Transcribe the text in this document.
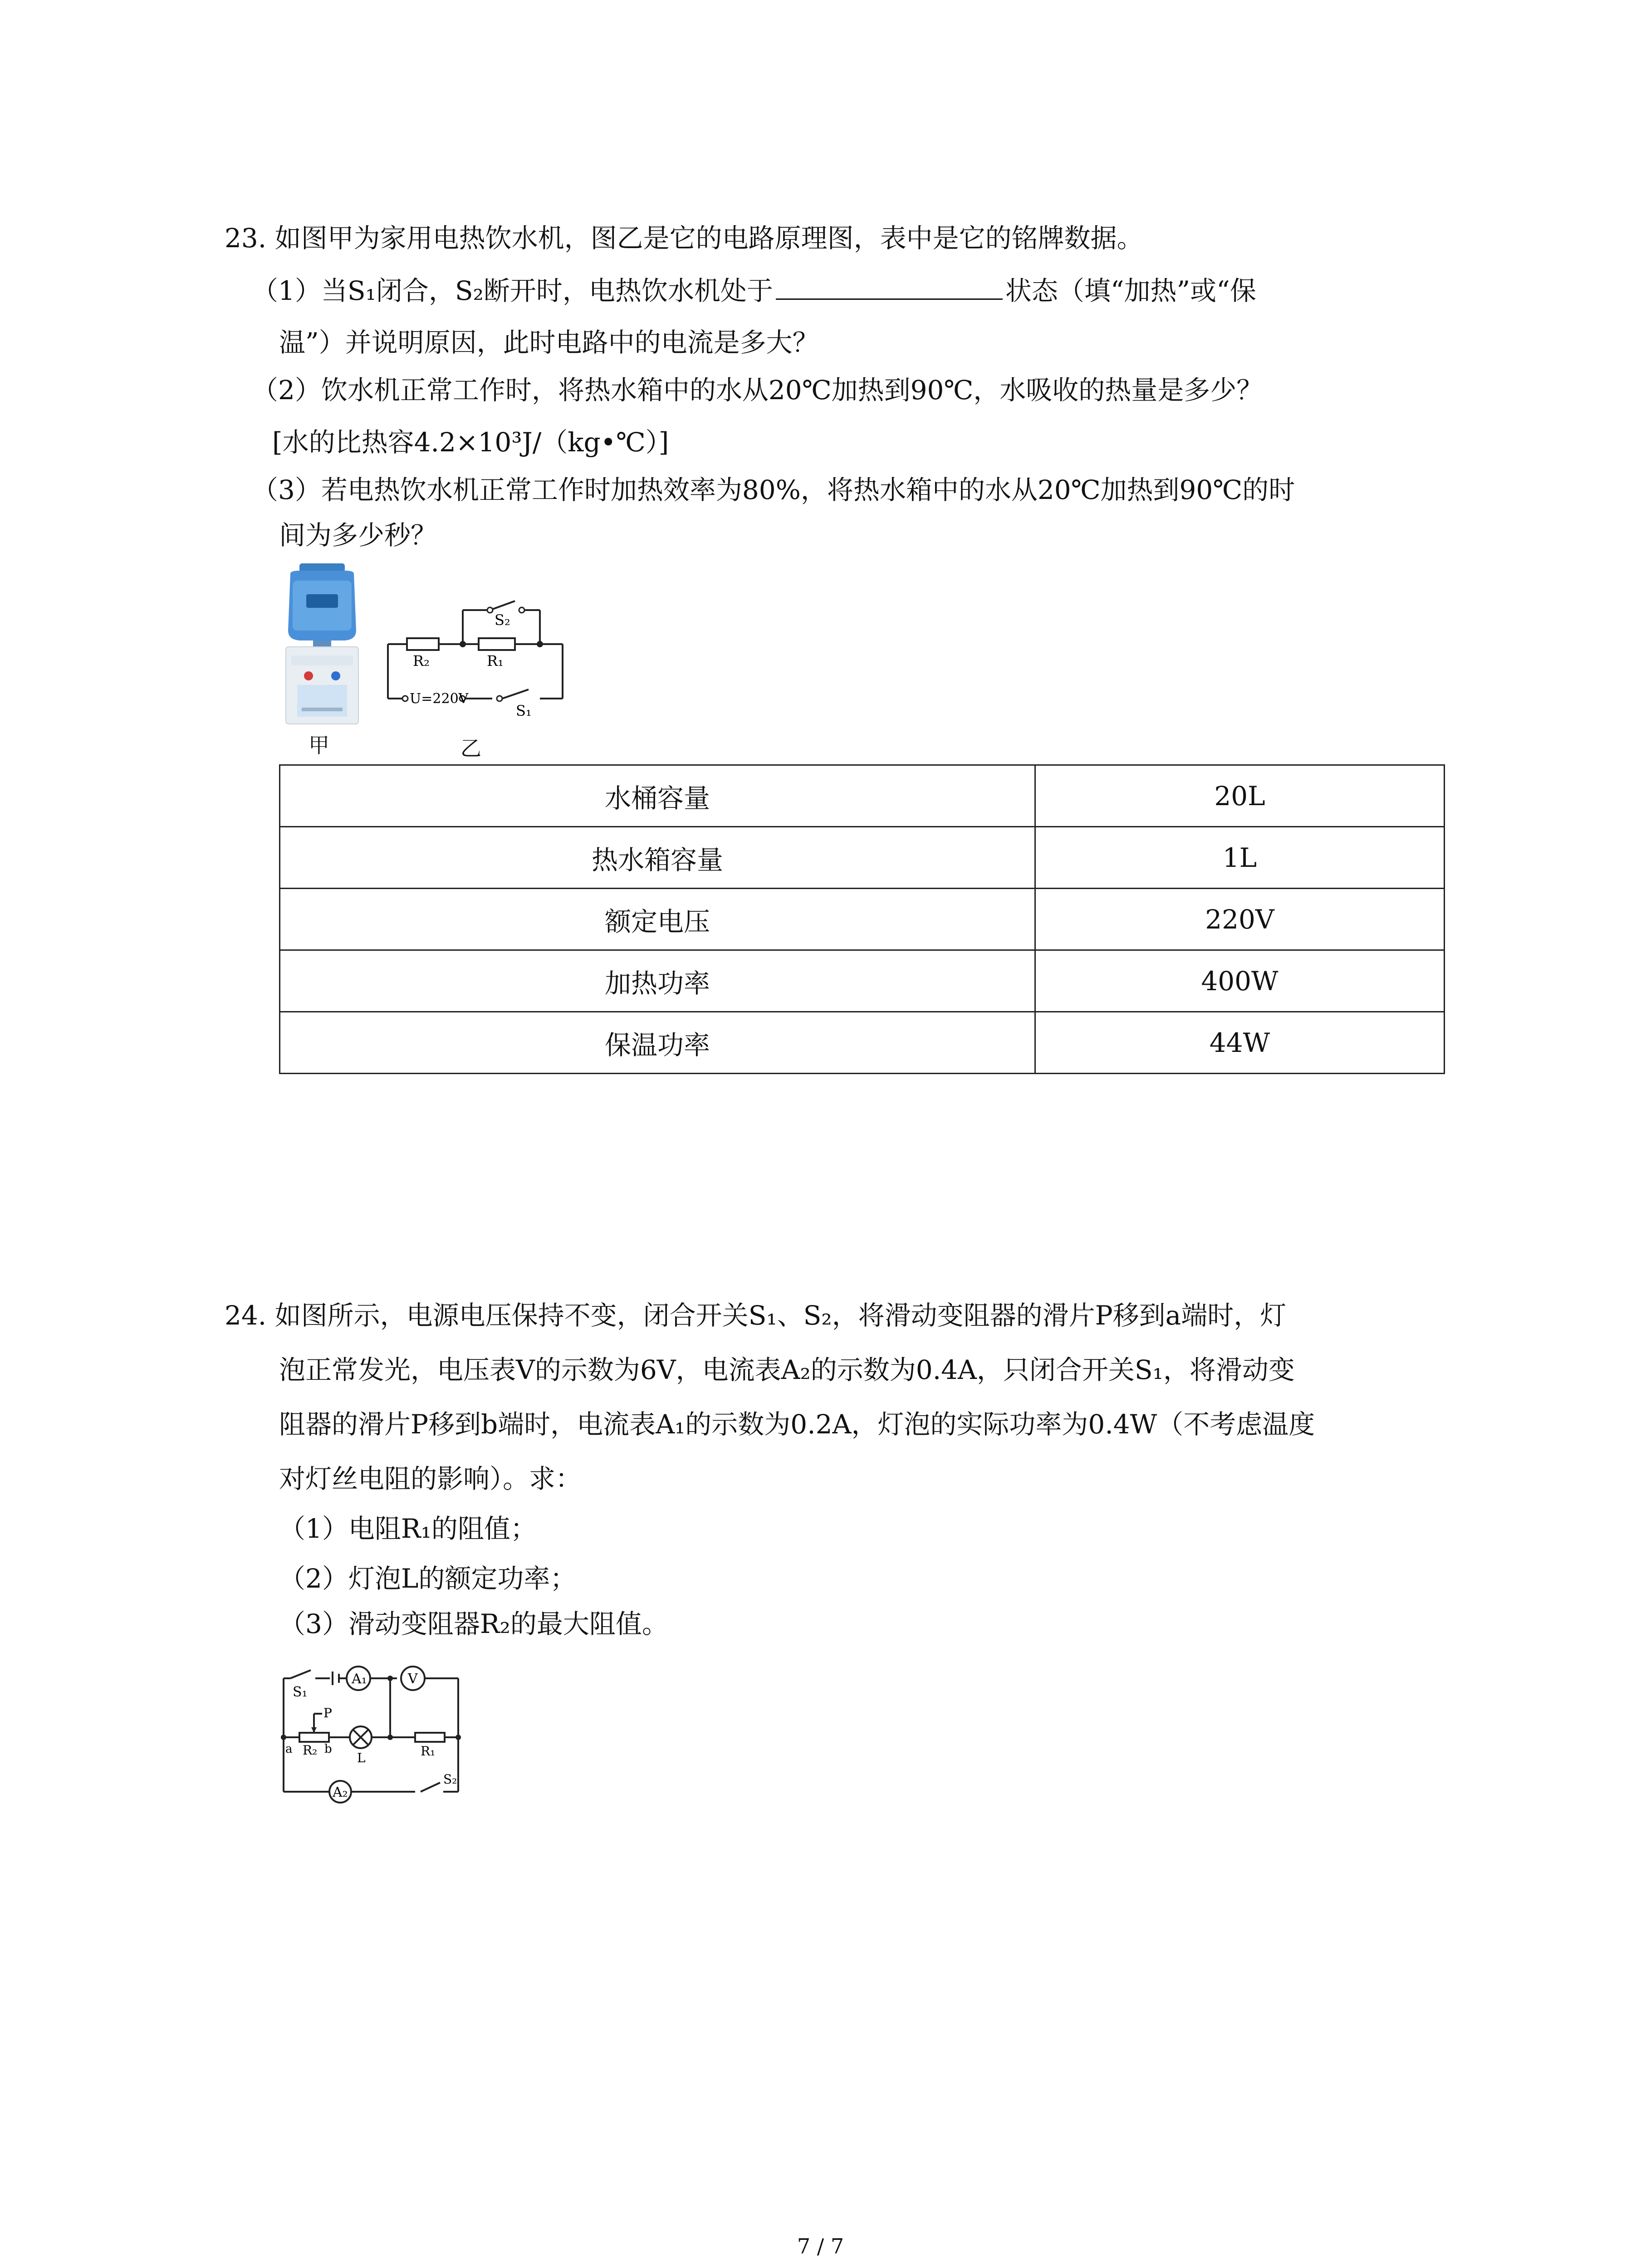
23. 如图甲为家用电热饮水机，图乙是它的电路原理图，表中是它的铭牌数据。
（1）当S₁闭合，S₂断开时，电热饮水机处于	状态（填“加热”或“保
温”）并说明原因，此时电路中的电流是多大？
（2）饮水机正常工作时，将热水箱中的水从20℃加热到90℃，水吸收的热量是多少？
[水的比热容4.2×10³J/（kg•℃）]
（3）若电热饮水机正常工作时加热效率为80%，将热水箱中的水从20℃加热到90℃的时
间为多少秒？
甲
S₂
R₂	R₁
U=220V
S₁
乙
水桶容量	20L
热水箱容量	1L
额定电压	220V
加热功率	400W
保温功率	44W
24. 如图所示，电源电压保持不变，闭合开关S₁、S₂，将滑动变阻器的滑片P移到a端时，灯
泡正常发光，电压表V的示数为6V，电流表A₂的示数为0.4A，只闭合开关S₁，将滑动变
阻器的滑片P移到b端时，电流表A₁的示数为0.2A，灯泡的实际功率为0.4W（不考虑温度
对灯丝电阻的影响）。求：
（1）电阻R₁的阻值；
（2）灯泡L的额定功率；
（3）滑动变阻器R₂的最大阻值。
S₁
A₁	V
P
a R₂ b
L	R₁
A₂
S₂
7 / 7
